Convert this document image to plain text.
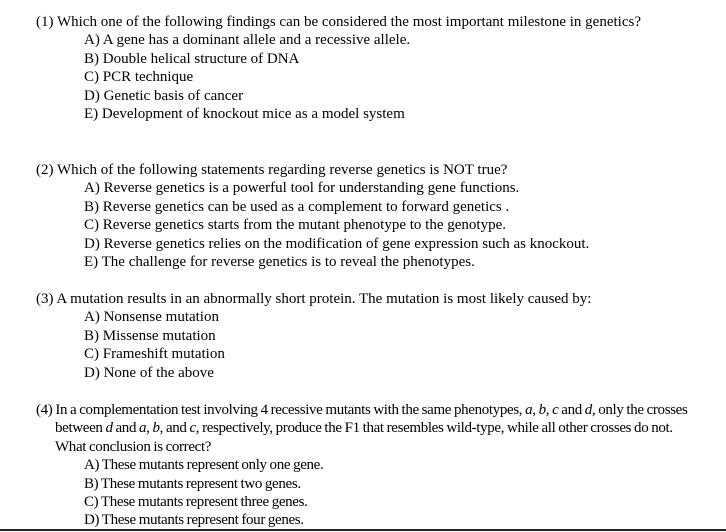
(1) Which one of the following findings can be considered the most important milestone in genetics?
A) A gene has a dominant allele and a recessive allele.
B) Double helical structure of DNA
C) PCR technique
D) Genetic basis of cancer
E) Development of knockout mice as a model system
(2) Which of the following statements regarding reverse genetics is NOT true?
A) Reverse genetics is a powerful tool for understanding gene functions.
B) Reverse genetics can be used as a complement to forward genetics .
C) Reverse genetics starts from the mutant phenotype to the genotype.
D) Reverse genetics relies on the modification of gene expression such as knockout.
E) The challenge for reverse genetics is to reveal the phenotypes.
(3) A mutation results in an abnormally short protein. The mutation is most likely caused by:
A) Nonsense mutation
B) Missense mutation
C) Frameshift mutation
D) None of the above
(4) In a complementation test involving 4 recessive mutants with the same phenotypes, a, b, c and d, only the crosses between d and a, b, and c, respectively, produce the F1 that resembles wild-type, while all other crosses do not. What conclusion is correct?
A) These mutants represent only one gene.
B) These mutants represent two genes.
C) These mutants represent three genes.
D) These mutants represent four genes.
